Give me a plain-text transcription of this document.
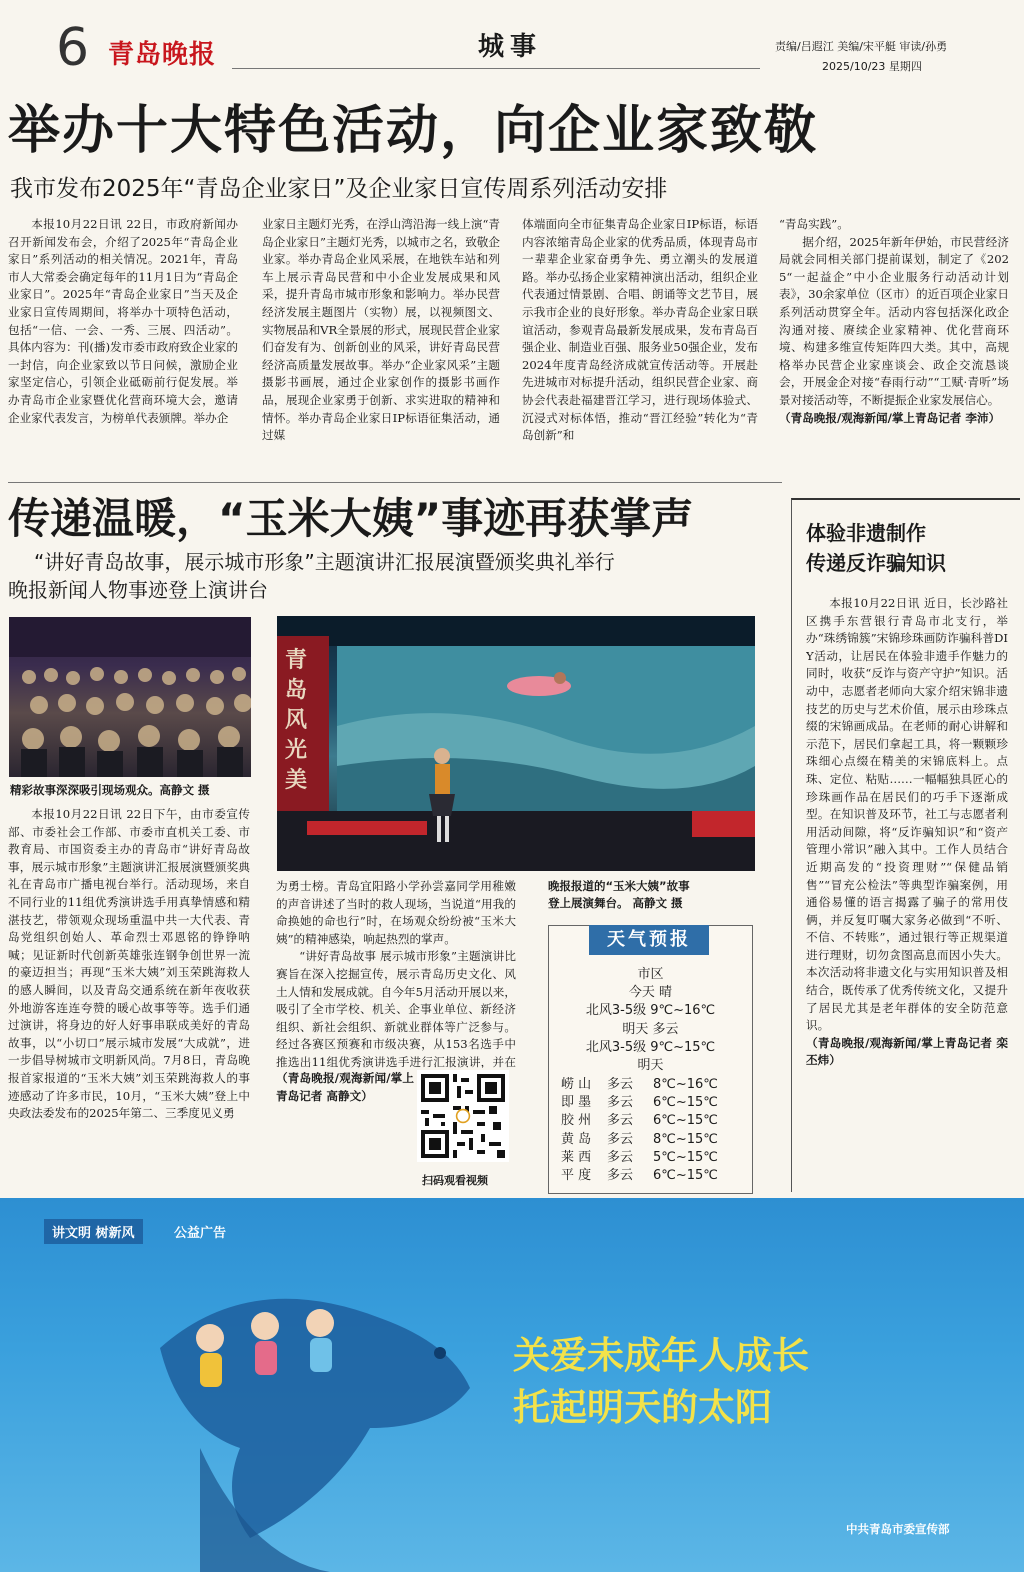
6 青岛晚报	城事	责编/吕遐江 美编/宋平艇 审读/孙勇
2025/10/23 星期四
举办十大特色活动，向企业家致敬
我市发布2025年“青岛企业家日”及企业家日宣传周系列活动安排

本报10月22日讯 22日，市政府新闻办召开新闻发布会，介绍了2025年“青岛企业家日”系列活动的相关情况。2021年，青岛市人大常委会确定每年的11月1日为“青岛企业家日”。2025年“青岛企业家日”当天及企业家日宣传周期间，将举办十项特色活动，包括“一信、一会、一秀、三展、四活动”。具体内容为：刊(播)发市委市政府致企业家的一封信，向企业家致以节日问候，激励企业家坚定信心，引领企业砥砺前行促发展。举办青岛市企业家暨优化营商环境大会，邀请企业家代表发言，为榜单代表颁牌。举办企

业家日主题灯光秀，在浮山湾沿海一线上演“青岛企业家日”主题灯光秀，以城市之名，致敬企业家。举办青岛企业风采展，在地铁车站和列车上展示青岛民营和中小企业发展成果和风采，提升青岛市城市形象和影响力。举办民营经济发展主题图片（实物）展，以视频图文、实物展品和VR全景展的形式，展现民营企业家们奋发有为、创新创业的风采，讲好青岛民营经济高质量发展故事。举办“企业家风采”主题摄影书画展，通过企业家创作的摄影书画作品，展现企业家勇于创新、求实进取的精神和情怀。举办青岛企业家日IP标语征集活动，通过媒

体端面向全市征集青岛企业家日IP标语，标语内容浓缩青岛企业家的优秀品质，体现青岛市一辈辈企业家奋勇争先、勇立潮头的发展道路。举办弘扬企业家精神演出活动，组织企业代表通过情景剧、合唱、朗诵等文艺节目，展示我市企业的良好形象。举办青岛企业家日联谊活动，参观青岛最新发展成果，发布青岛百强企业、制造业百强、服务业50强企业，发布2024年度青岛经济成就宣传活动等。开展赴先进城市对标提升活动，组织民营企业家、商协会代表赴福建晋江学习，进行现场体验式、沉浸式对标体悟，推动“晋江经验”转化为“青岛创新”和

“青岛实践”。

据介绍，2025年新年伊始，市民营经济局就会同相关部门提前谋划，制定了《2025“一起益企”中小企业服务行动活动计划表》，30余家单位（区市）的近百项企业家日系列活动贯穿全年。活动内容包括深化政企沟通对接、赓续企业家精神、优化营商环境、构建多维宣传矩阵四大类。其中，高规格举办民营企业家座谈会、政企交流恳谈会，开展金企对接“春雨行动”“工赋·青听”场景对接活动等，不断提振企业家发展信心。

（青岛晚报/观海新闻/掌上青岛记者 李沛）

传递温暖，“玉米大姨”事迹再获掌声
“讲好青岛故事，展示城市形象”主题演讲汇报展演暨颁奖典礼举行
晚报新闻人物事迹登上演讲台
精彩故事深深吸引现场观众。高静文 摄
青岛风光美
晚报报道的“玉米大姨”故事
登上展演舞台。 高静文 摄

本报10月22日讯 22日下午，由市委宣传部、市委社会工作部、市委市直机关工委、市教育局、市国资委主办的青岛市“讲好青岛故事，展示城市形象”主题演讲汇报展演暨颁奖典礼在青岛市广播电视台举行。活动现场，来自不同行业的11组优秀演讲选手用真挚情感和精湛技艺，带领观众现场重温中共一大代表、青岛党组织创始人、革命烈士邓恩铭的铮铮呐喊；见证新时代创新英雄张连钢争创世界一流的豪迈担当；再现“玉米大姨”刘玉荣跳海救人的感人瞬间，以及青岛交通系统在新年夜收获外地游客连连夸赞的暖心故事等等。选手们通过演讲，将身边的好人好事串联成美好的青岛故事，以“小切口”展示城市发展“大成就”，进一步倡导树城市文明新风尚。7月8日，青岛晚报首家报道的“玉米大姨”刘玉荣跳海救人的事迹感动了许多市民，10月，“玉米大姨”登上中央政法委发布的2025年第二、三季度见义勇

为勇士榜。青岛宜阳路小学孙尝嘉同学用稚嫩的声音讲述了当时的救人现场，当说道“用我的命换她的命也行”时，在场观众纷纷被“玉米大姨”的精神感染，响起热烈的掌声。

“讲好青岛故事 展示城市形象”主题演讲比赛旨在深入挖掘宣传，展示青岛历史文化、风土人情和发展成就。自今年5月活动开展以来，吸引了全市学校、机关、企事业单位、新经济组织、新社会组织、新就业群体等广泛参与。经过各赛区预赛和市级决赛，从153名选手中推选出11组优秀演讲选手进行汇报演讲，并在

（青岛晚报/观海新闻/掌上青岛记者 高静文）

扫码观看视频
天气预报
市区
今天 晴
北风3-5级 9℃~16℃
明天 多云
北风3-5级 9℃~15℃
明天
崂 山 多云 8℃~16℃
即 墨 多云 6℃~15℃
胶 州 多云 6℃~15℃
黄 岛 多云 8℃~15℃
莱 西 多云 5℃~15℃
平 度 多云 6℃~15℃
体验非遗制作
传递反诈骗知识

本报10月22日讯 近日，长沙路社区携手东营银行青岛市北支行，举办“珠绣锦簇”宋锦珍珠画防诈骗科普DIY活动，让居民在体验非遗手作魅力的同时，收获“反诈与资产守护”知识。活动中，志愿者老师向大家介绍宋锦非遗技艺的历史与艺术价值，展示由珍珠点缀的宋锦画成品。在老师的耐心讲解和示范下，居民们拿起工具，将一颗颗珍珠细心点缀在精美的宋锦底料上。点珠、定位、粘贴……一幅幅独具匠心的珍珠画作品在居民们的巧手下逐渐成型。在知识普及环节，社工与志愿者利用活动间隙，将“反诈骗知识”和“资产管理小常识”融入其中。工作人员结合近期高发的“投资理财”“保健品销售”“冒充公检法”等典型诈骗案例，用通俗易懂的语言揭露了骗子的常用伎俩，并反复叮嘱大家务必做到“不听、不信、不转账”，通过银行等正规渠道进行理财，切勿贪图高息而因小失大。本次活动将非遗文化与实用知识普及相结合，既传承了优秀传统文化，又提升了居民尤其是老年群体的安全防范意识。

（青岛晚报/观海新闻/掌上青岛记者 栾丕炜）

讲文明 树新风	公益广告
关爱未成年人成长
托起明天的太阳
中共青岛市委宣传部
